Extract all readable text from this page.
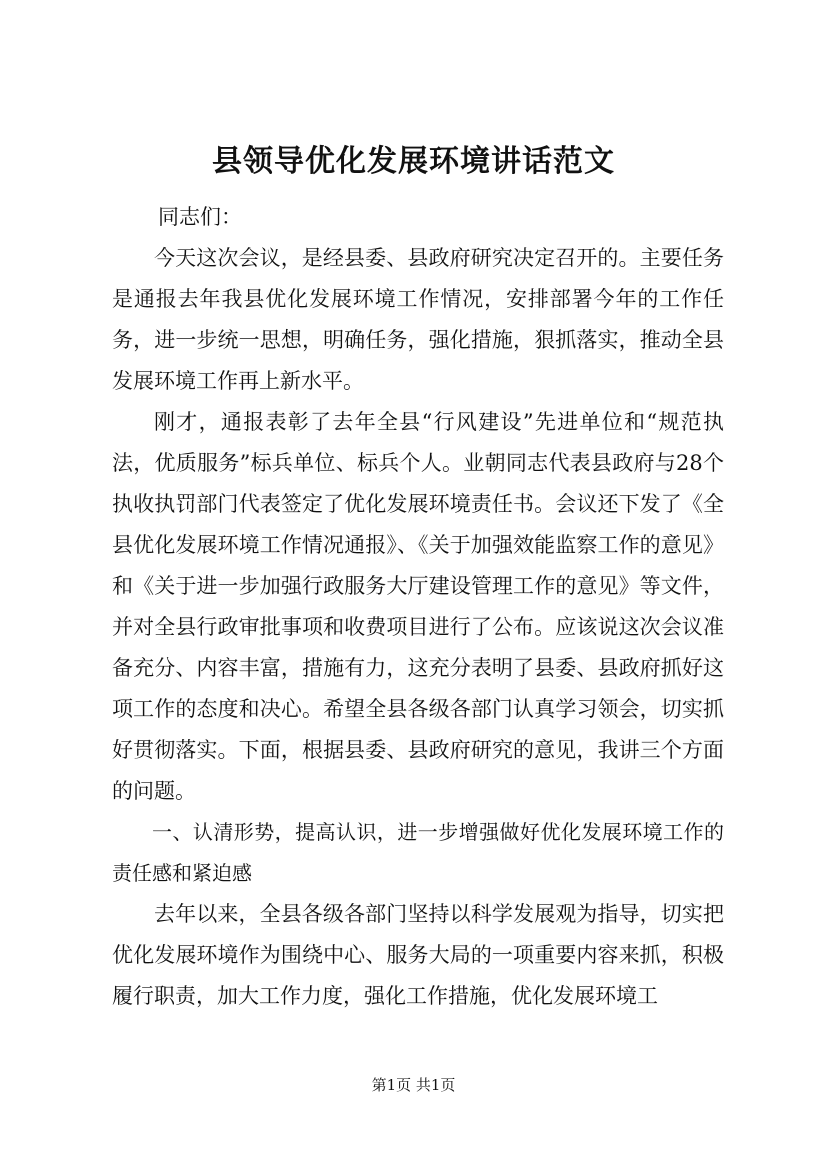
县领导优化发展环境讲话范文
同志们：

今天这次会议，是经县委、县政府研究决定召开的。主要任务是通报去年我县优化发展环境工作情况，安排部署今年的工作任务，进一步统一思想，明确任务，强化措施，狠抓落实，推动全县发展环境工作再上新水平。

刚才，通报表彰了去年全县“行风建设”先进单位和“规范执法，优质服务”标兵单位、标兵个人。业朝同志代表县政府与28个执收执罚部门代表签定了优化发展环境责任书。会议还下发了《全县优化发展环境工作情况通报》、《关于加强效能监察工作的意见》和《关于进一步加强行政服务大厅建设管理工作的意见》等文件，并对全县行政审批事项和收费项目进行了公布。应该说这次会议准备充分、内容丰富，措施有力，这充分表明了县委、县政府抓好这项工作的态度和决心。希望全县各级各部门认真学习领会，切实抓好贯彻落实。下面，根据县委、县政府研究的意见，我讲三个方面的问题。

一、认清形势，提高认识，进一步增强做好优化发展环境工作的责任感和紧迫感

去年以来，全县各级各部门坚持以科学发展观为指导，切实把优化发展环境作为围绕中心、服务大局的一项重要内容来抓，积极履行职责，加大工作力度，强化工作措施，优化发展环境工

第1页 共1页
